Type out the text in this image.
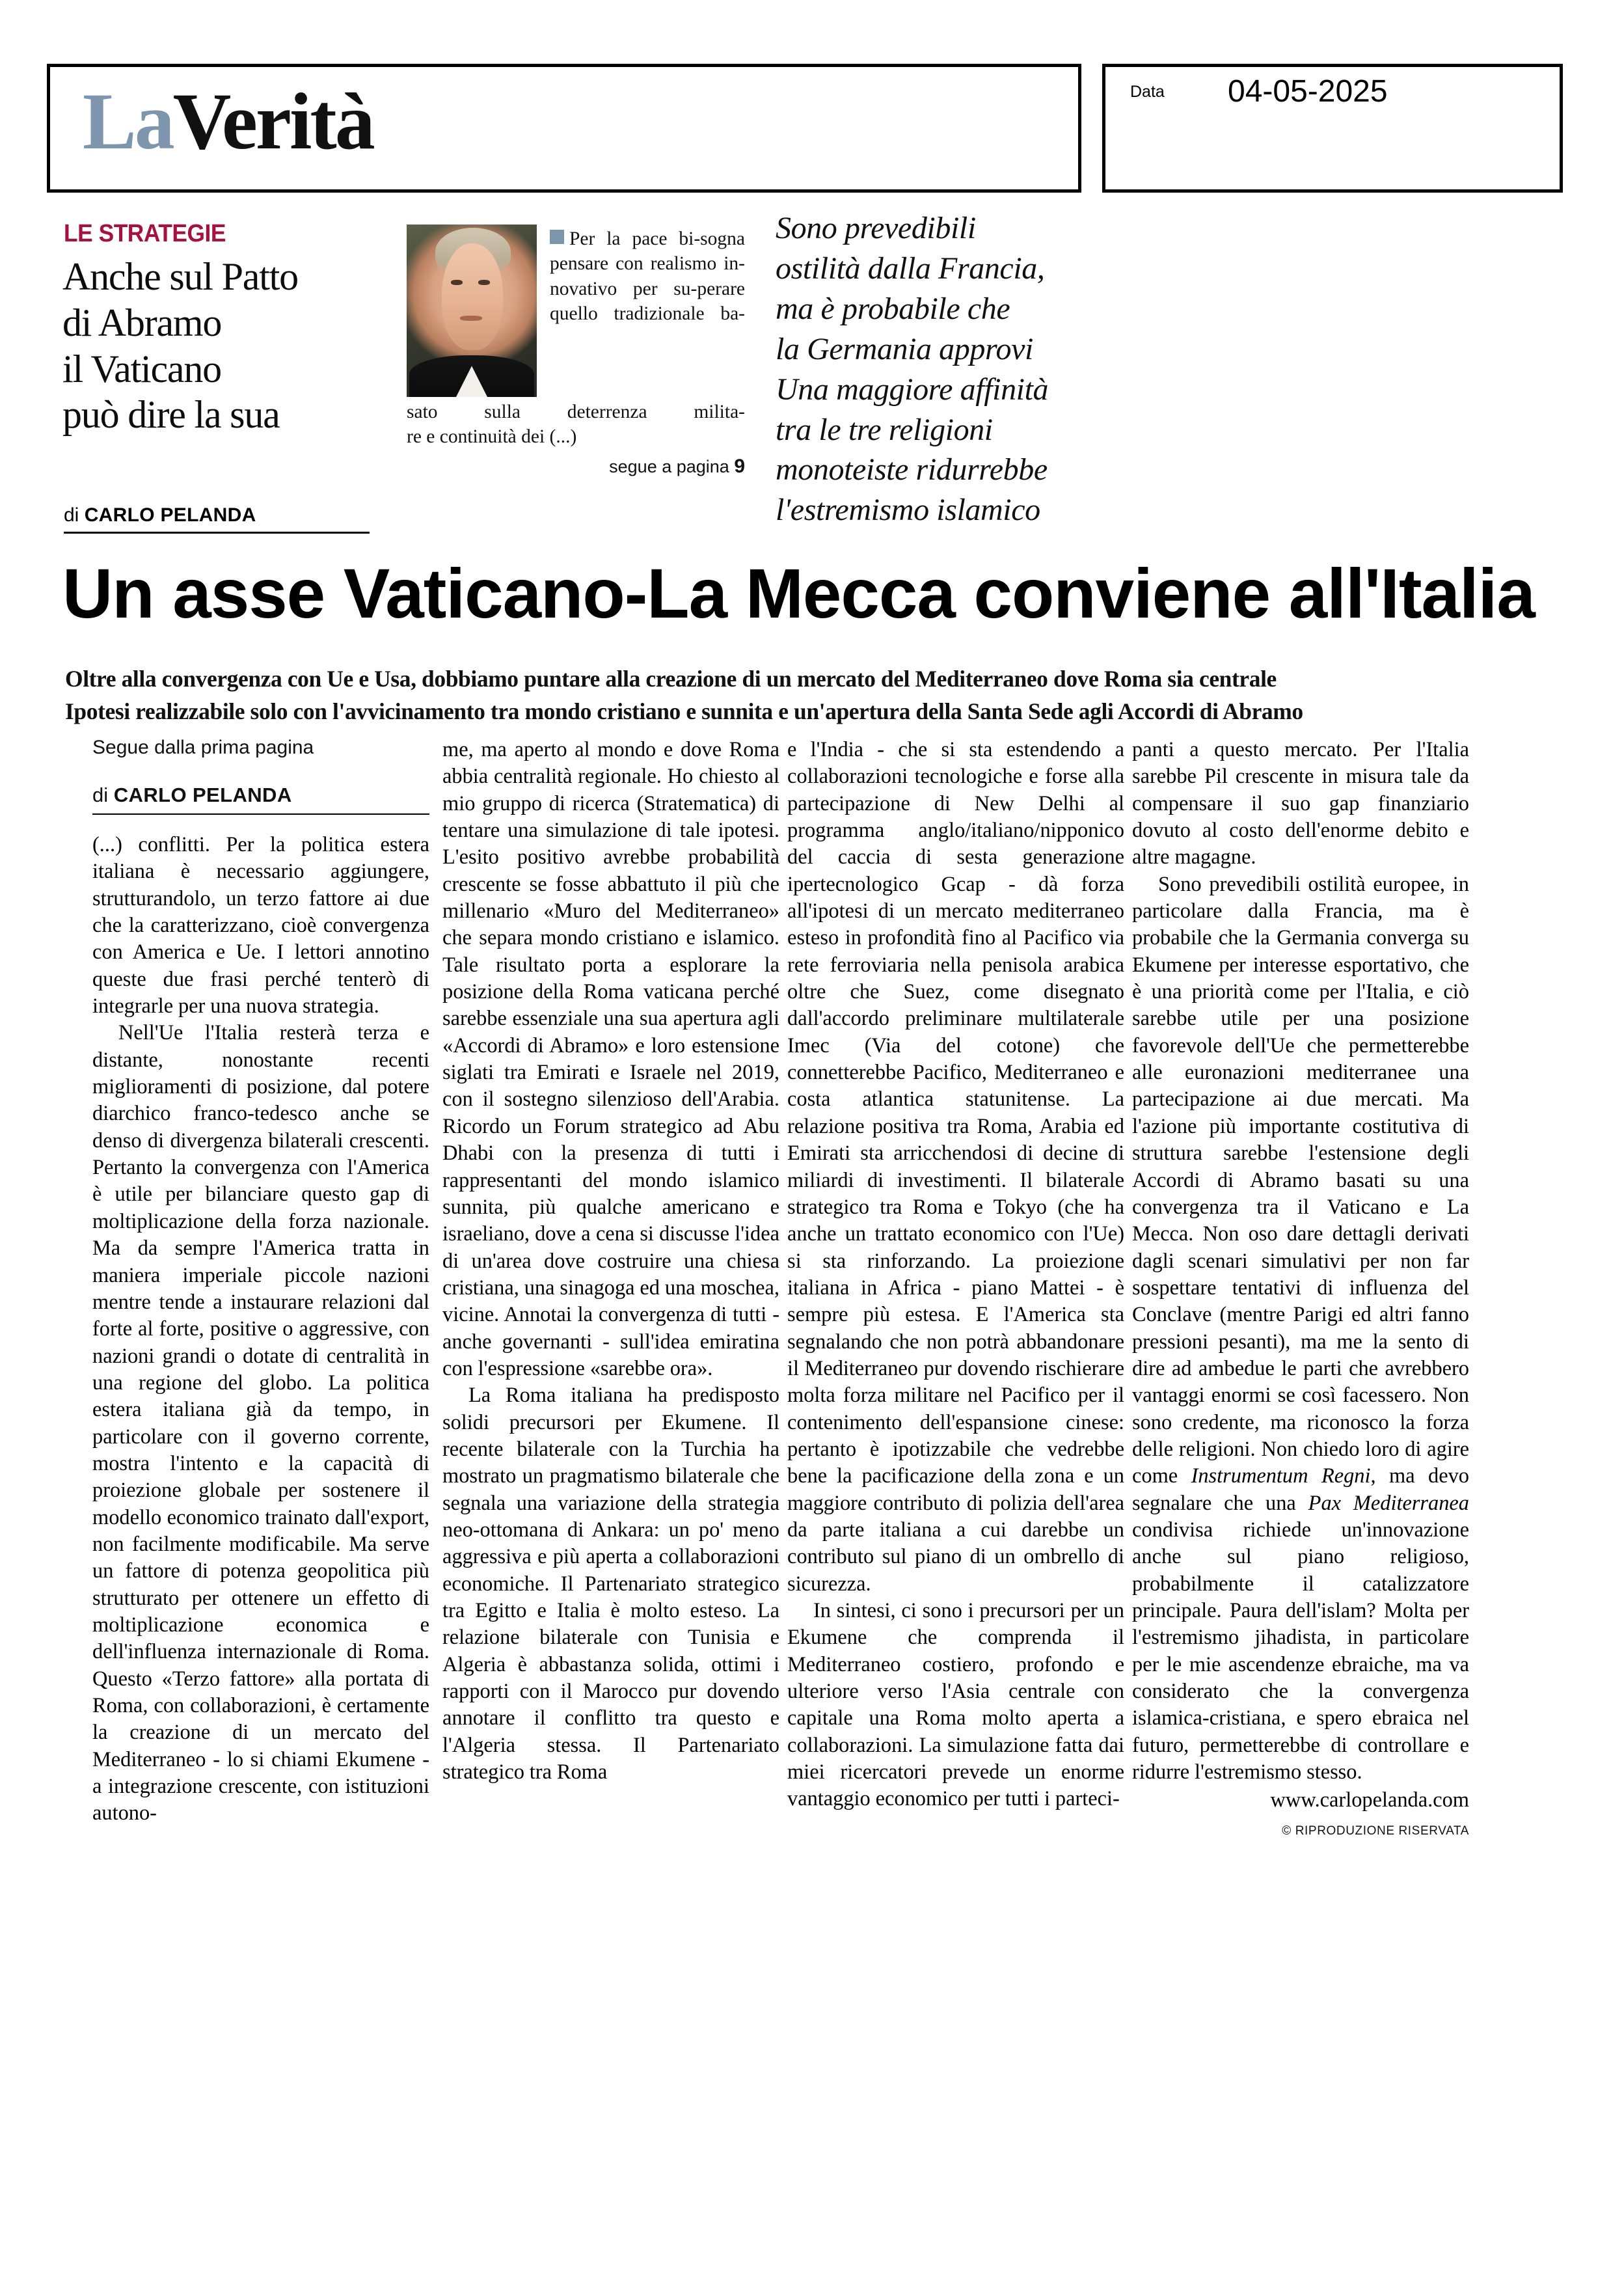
LaVerità	Data 04-05-2025
LE STRATEGIE
Anche sul Patto
di Abramo
il Vaticano
può dire la sua
di CARLO PELANDA
Per la pace bi-sogna pensare con realismo in-novativo per su-perare quello tradizionale ba-
sato sulla deterrenza milita-
re e continuità dei (...)
segue a pagina 9
Sono prevedibili
ostilità dalla Francia,
ma è probabile che
la Germania approvi
Una maggiore affinità
tra le tre religioni
monoteiste ridurrebbe
l'estremismo islamico
Un asse Vaticano-La Mecca conviene all'Italia
Oltre alla convergenza con Ue e Usa, dobbiamo puntare alla creazione di un mercato del Mediterraneo dove Roma sia centrale
Ipotesi realizzabile solo con l'avvicinamento tra mondo cristiano e sunnita e un'apertura della Santa Sede agli Accordi di Abramo
Segue dalla prima pagina
di CARLO PELANDA

(...) conflitti. Per la politica estera italiana è necessario aggiungere, strutturandolo, un terzo fattore ai due che la caratterizzano, cioè convergenza con America e Ue. I lettori annotino queste due frasi perché tenterò di integrarle per una nuova strategia.

Nell'Ue l'Italia resterà terza e distante, nonostante recenti miglioramenti di posizione, dal potere diarchico franco-tedesco anche se denso di divergenza bilaterali crescenti. Pertanto la convergenza con l'America è utile per bilanciare questo gap di moltiplicazione della forza nazionale. Ma da sempre l'America tratta in maniera imperiale piccole nazioni mentre tende a instaurare relazioni dal forte al forte, positive o aggressive, con nazioni grandi o dotate di centralità in una regione del globo. La politica estera italiana già da tempo, in particolare con il governo corrente, mostra l'intento e la capacità di proiezione globale per sostenere il modello economico trainato dall'export, non facilmente modificabile. Ma serve un fattore di potenza geopolitica più strutturato per ottenere un effetto di moltiplicazione economica e dell'influenza internazionale di Roma. Questo «Terzo fattore» alla portata di Roma, con collaborazioni, è certamente la creazione di un mercato del Mediterraneo - lo si chiami Ekumene - a integrazione crescente, con istituzioni autono-

me, ma aperto al mondo e dove Roma abbia centralità regionale. Ho chiesto al mio gruppo di ricerca (Stratematica) di tentare una simulazione di tale ipotesi. L'esito positivo avrebbe probabilità crescente se fosse abbattuto il più che millenario «Muro del Mediterraneo» che separa mondo cristiano e islamico. Tale risultato porta a esplorare la posizione della Roma vaticana perché sarebbe essenziale una sua apertura agli «Accordi di Abramo» e loro estensione siglati tra Emirati e Israele nel 2019, con il sostegno silenzioso dell'Arabia. Ricordo un Forum strategico ad Abu Dhabi con la presenza di tutti i rappresentanti del mondo islamico sunnita, più qualche americano e israeliano, dove a cena si discusse l'idea di un'area dove costruire una chiesa cristiana, una sinagoga ed una moschea, vicine. Annotai la convergenza di tutti - anche governanti - sull'idea emiratina con l'espressione «sarebbe ora».

La Roma italiana ha predisposto solidi precursori per Ekumene. Il recente bilaterale con la Turchia ha mostrato un pragmatismo bilaterale che segnala una variazione della strategia neo-ottomana di Ankara: un po' meno aggressiva e più aperta a collaborazioni economiche. Il Partenariato strategico tra Egitto e Italia è molto esteso. La relazione bilaterale con Tunisia e Algeria è abbastanza solida, ottimi i rapporti con il Marocco pur dovendo annotare il conflitto tra questo e l'Algeria stessa. Il Partenariato strategico tra Roma

e l'India - che si sta estendendo a collaborazioni tecnologiche e forse alla partecipazione di New Delhi al programma anglo/italiano/nipponico del caccia di sesta generazione ipertecnologico Gcap - dà forza all'ipotesi di un mercato mediterraneo esteso in profondità fino al Pacifico via rete ferroviaria nella penisola arabica oltre che Suez, come disegnato dall'accordo preliminare multilaterale Imec (Via del cotone) che connetterebbe Pacifico, Mediterraneo e costa atlantica statunitense. La relazione positiva tra Roma, Arabia ed Emirati sta arricchendosi di decine di miliardi di investimenti. Il bilaterale strategico tra Roma e Tokyo (che ha anche un trattato economico con l'Ue) si sta rinforzando. La proiezione italiana in Africa - piano Mattei - è sempre più estesa. E l'America sta segnalando che non potrà abbandonare il Mediterraneo pur dovendo rischierare molta forza militare nel Pacifico per il contenimento dell'espansione cinese: pertanto è ipotizzabile che vedrebbe bene la pacificazione della zona e un maggiore contributo di polizia dell'area da parte italiana a cui darebbe un contributo sul piano di un ombrello di sicurezza.

In sintesi, ci sono i precursori per un Ekumene che comprenda il Mediterraneo costiero, profondo e ulteriore verso l'Asia centrale con capitale una Roma molto aperta a collaborazioni. La simulazione fatta dai miei ricercatori prevede un enorme vantaggio economico per tutti i parteci-

panti a questo mercato. Per l'Italia sarebbe Pil crescente in misura tale da compensare il suo gap finanziario dovuto al costo dell'enorme debito e altre magagne.

Sono prevedibili ostilità europee, in particolare dalla Francia, ma è probabile che la Germania converga su Ekumene per interesse esportativo, che è una priorità come per l'Italia, e ciò sarebbe utile per una posizione favorevole dell'Ue che permetterebbe alle euronazioni mediterranee una partecipazione ai due mercati. Ma l'azione più importante costitutiva di struttura sarebbe l'estensione degli Accordi di Abramo basati su una convergenza tra il Vaticano e La Mecca. Non oso dare dettagli derivati dagli scenari simulativi per non far sospettare tentativi di influenza del Conclave (mentre Parigi ed altri fanno pressioni pesanti), ma me la sento di dire ad ambedue le parti che avrebbero vantaggi enormi se così facessero. Non sono credente, ma riconosco la forza delle religioni. Non chiedo loro di agire come Instrumentum Regni, ma devo segnalare che una Pax Mediterranea condivisa richiede un'innovazione anche sul piano religioso, probabilmente il catalizzatore principale. Paura dell'islam? Molta per l'estremismo jihadista, in particolare per le mie ascendenze ebraiche, ma va considerato che la convergenza islamica-cristiana, e spero ebraica nel futuro, permetterebbe di controllare e ridurre l'estremismo stesso.

www.carlopelanda.com
© RIPRODUZIONE RISERVATA
